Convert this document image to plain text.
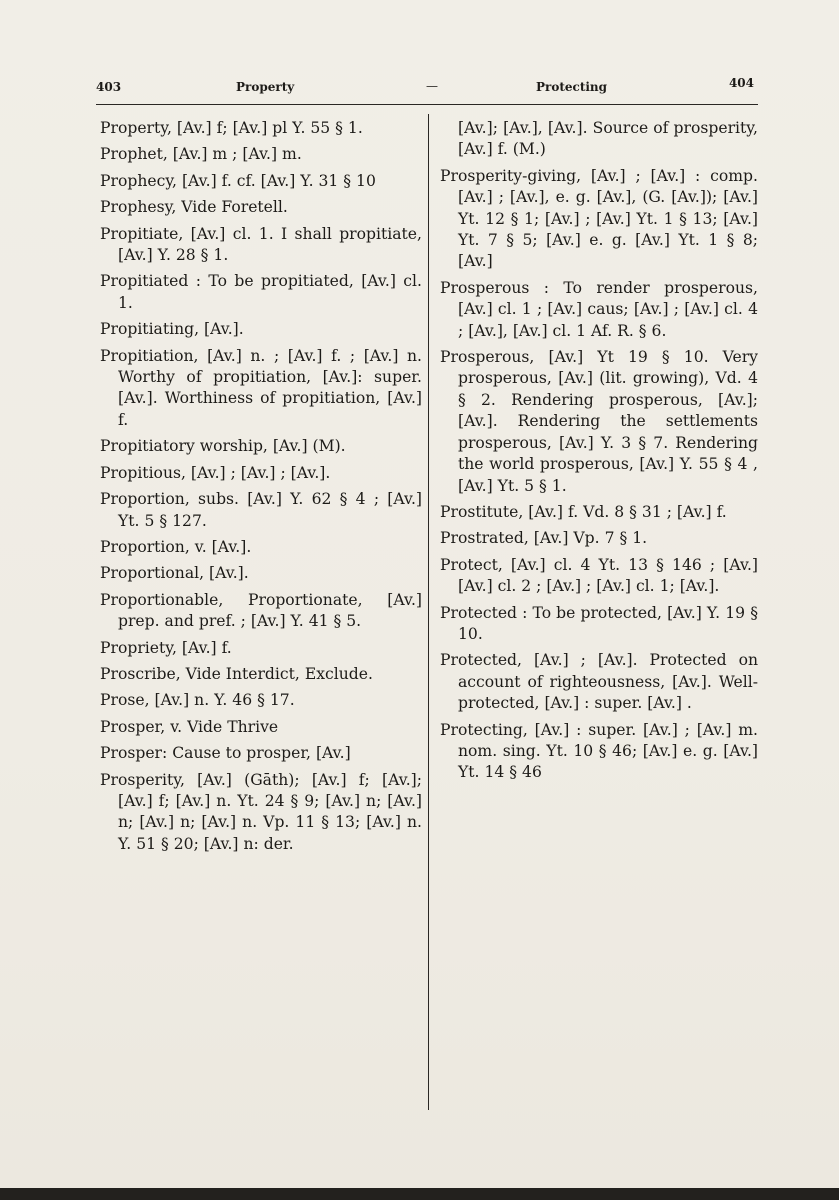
403	Property	—	Protecting	404

Property, [Av.] f; [Av.] pl Y. 55 § 1.

Prophet, [Av.] m ; [Av.] m.

Prophecy, [Av.] f. cf. [Av.] Y. 31 § 10

Prophesy, Vide Foretell.

Propitiate, [Av.] cl. 1. I shall propitiate, [Av.] Y. 28 § 1.

Propitiated : To be propitiated, [Av.] cl. 1.

Propitiating, [Av.].

Propitiation, [Av.] n. ; [Av.] f. ; [Av.] n. Worthy of propitiation, [Av.]: super. [Av.]. Worthiness of propitiation, [Av.] f.

Propitiatory worship, [Av.] (M).

Propitious, [Av.] ; [Av.] ; [Av.].

Proportion, subs. [Av.] Y. 62 § 4 ; [Av.] Yt. 5 § 127.

Proportion, v. [Av.].

Proportional, [Av.].

Proportionable, Proportionate, [Av.] prep. and pref. ; [Av.] Y. 41 § 5.

Propriety, [Av.] f.

Proscribe, Vide Interdict, Exclude.

Prose, [Av.] n. Y. 46 § 17.

Prosper, v. Vide Thrive

Prosper: Cause to prosper, [Av.]

Prosperity, [Av.] (Gāth); [Av.] f; [Av.]; [Av.] f; [Av.] n. Yt. 24 § 9; [Av.] n; [Av.] n; [Av.] n; [Av.] n. Vp. 11 § 13; [Av.] n. Y. 51 § 20; [Av.] n: der.

[Av.]; [Av.], [Av.]. Source of prosperity, [Av.] f. (M.)

Prosperity-giving, [Av.] ; [Av.] : comp. [Av.] ; [Av.], e. g. [Av.], (G. [Av.]); [Av.] Yt. 12 § 1; [Av.] ; [Av.] Yt. 1 § 13; [Av.] Yt. 7 § 5; [Av.] e. g. [Av.] Yt. 1 § 8; [Av.]

Prosperous : To render prosperous, [Av.] cl. 1 ; [Av.] caus; [Av.] ; [Av.] cl. 4 ; [Av.], [Av.] cl. 1 Af. R. § 6.

Prosperous, [Av.] Yt 19 § 10. Very prosperous, [Av.] (lit. growing), Vd. 4 § 2. Rendering prosperous, [Av.]; [Av.]. Rendering the settlements prosperous, [Av.] Y. 3 § 7. Rendering the world prosperous, [Av.] Y. 55 § 4 , [Av.] Yt. 5 § 1.

Prostitute, [Av.] f. Vd. 8 § 31 ; [Av.] f.

Prostrated, [Av.] Vp. 7 § 1.

Protect, [Av.] cl. 4 Yt. 13 § 146 ; [Av.] [Av.] cl. 2 ; [Av.] ; [Av.] cl. 1; [Av.].

Protected : To be protected, [Av.] Y. 19 § 10.

Protected, [Av.] ; [Av.]. Protected on account of righteousness, [Av.]. Well-protected, [Av.] : super. [Av.] .

Protecting, [Av.] : super. [Av.] ; [Av.] m. nom. sing. Yt. 10 § 46; [Av.] e. g. [Av.] Yt. 14 § 46
